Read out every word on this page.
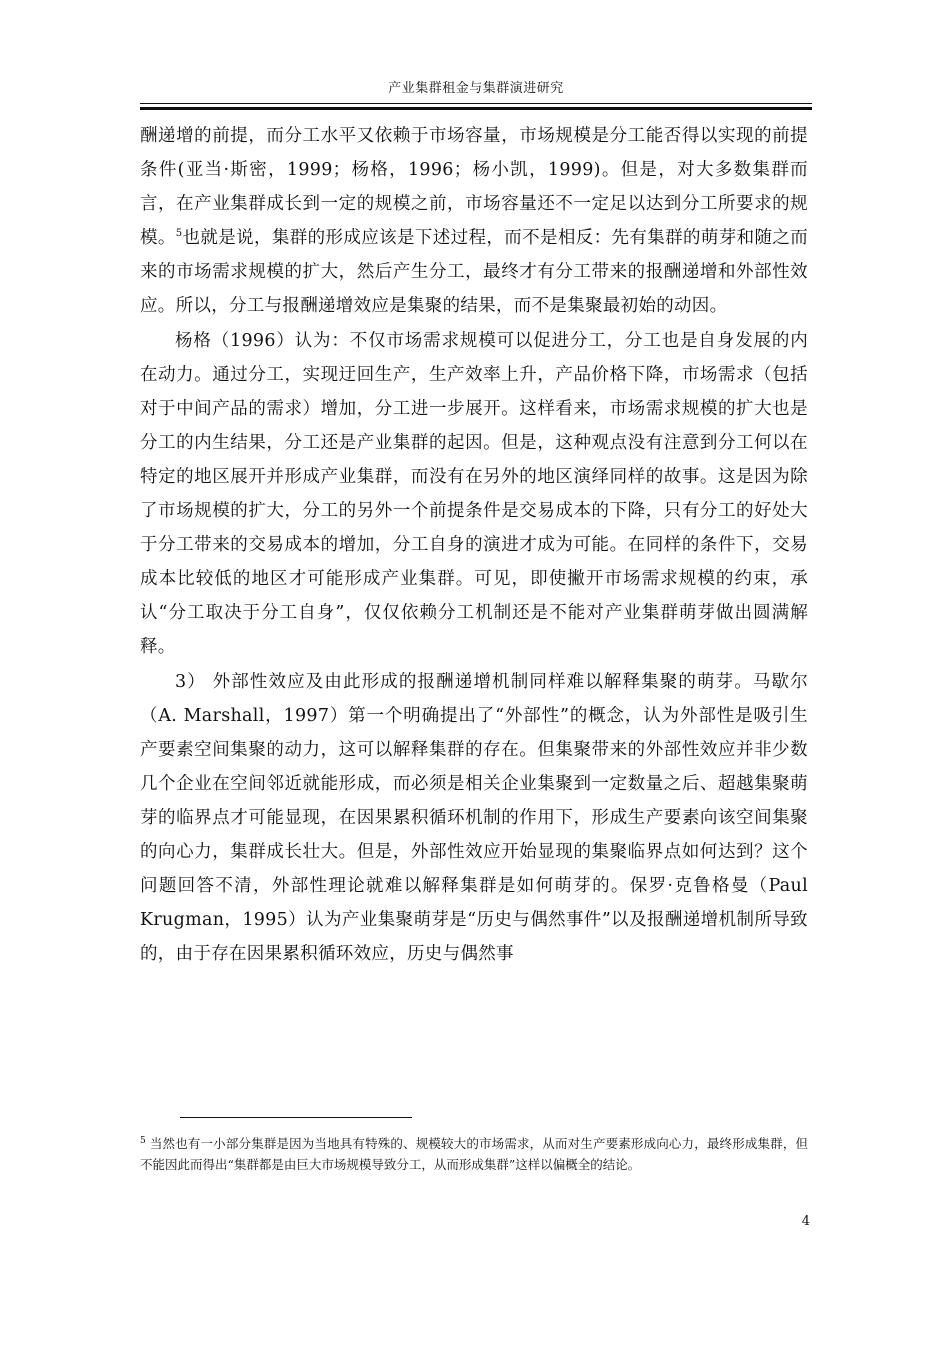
产业集群租金与集群演进研究

酬递增的前提，而分工水平又依赖于市场容量，市场规模是分工能否得以实现的前提条件(亚当·斯密，1999；杨格，1996；杨小凯，1999)。但是，对大多数集群而言，在产业集群成长到一定的规模之前，市场容量还不一定足以达到分工所要求的规模。$^5$也就是说，集群的形成应该是下述过程，而不是相反：先有集群的萌芽和随之而来的市场需求规模的扩大，然后产生分工，最终才有分工带来的报酬递增和外部性效应。所以，分工与报酬递增效应是集聚的结果，而不是集聚最初始的动因。

杨格（1996）认为：不仅市场需求规模可以促进分工，分工也是自身发展的内在动力。通过分工，实现迂回生产，生产效率上升，产品价格下降，市场需求（包括对于中间产品的需求）增加，分工进一步展开。这样看来，市场需求规模的扩大也是分工的内生结果，分工还是产业集群的起因。但是，这种观点没有注意到分工何以在特定的地区展开并形成产业集群，而没有在另外的地区演绎同样的故事。这是因为除了市场规模的扩大，分工的另外一个前提条件是交易成本的下降，只有分工的好处大于分工带来的交易成本的增加，分工自身的演进才成为可能。在同样的条件下，交易成本比较低的地区才可能形成产业集群。可见，即使撇开市场需求规模的约束，承认“分工取决于分工自身”，仅仅依赖分工机制还是不能对产业集群萌芽做出圆满解释。

3） 外部性效应及由此形成的报酬递增机制同样难以解释集聚的萌芽。马歇尔（A. Marshall，1997）第一个明确提出了“外部性”的概念，认为外部性是吸引生产要素空间集聚的动力，这可以解释集群的存在。但集聚带来的外部性效应并非少数几个企业在空间邻近就能形成，而必须是相关企业集聚到一定数量之后、超越集聚萌芽的临界点才可能显现，在因果累积循环机制的作用下，形成生产要素向该空间集聚的向心力，集群成长壮大。但是，外部性效应开始显现的集聚临界点如何达到？这个问题回答不清，外部性理论就难以解释集群是如何萌芽的。保罗·克鲁格曼（Paul Krugman，1995）认为产业集聚萌芽是“历史与偶然事件”以及报酬递增机制所导致的，由于存在因果累积循环效应，历史与偶然事

$^5$ 当然也有一小部分集群是因为当地具有特殊的、规模较大的市场需求，从而对生产要素形成向心力，最终形成集群，但不能因此而得出“集群都是由巨大市场规模导致分工，从而形成集群”这样以偏概全的结论。
4
